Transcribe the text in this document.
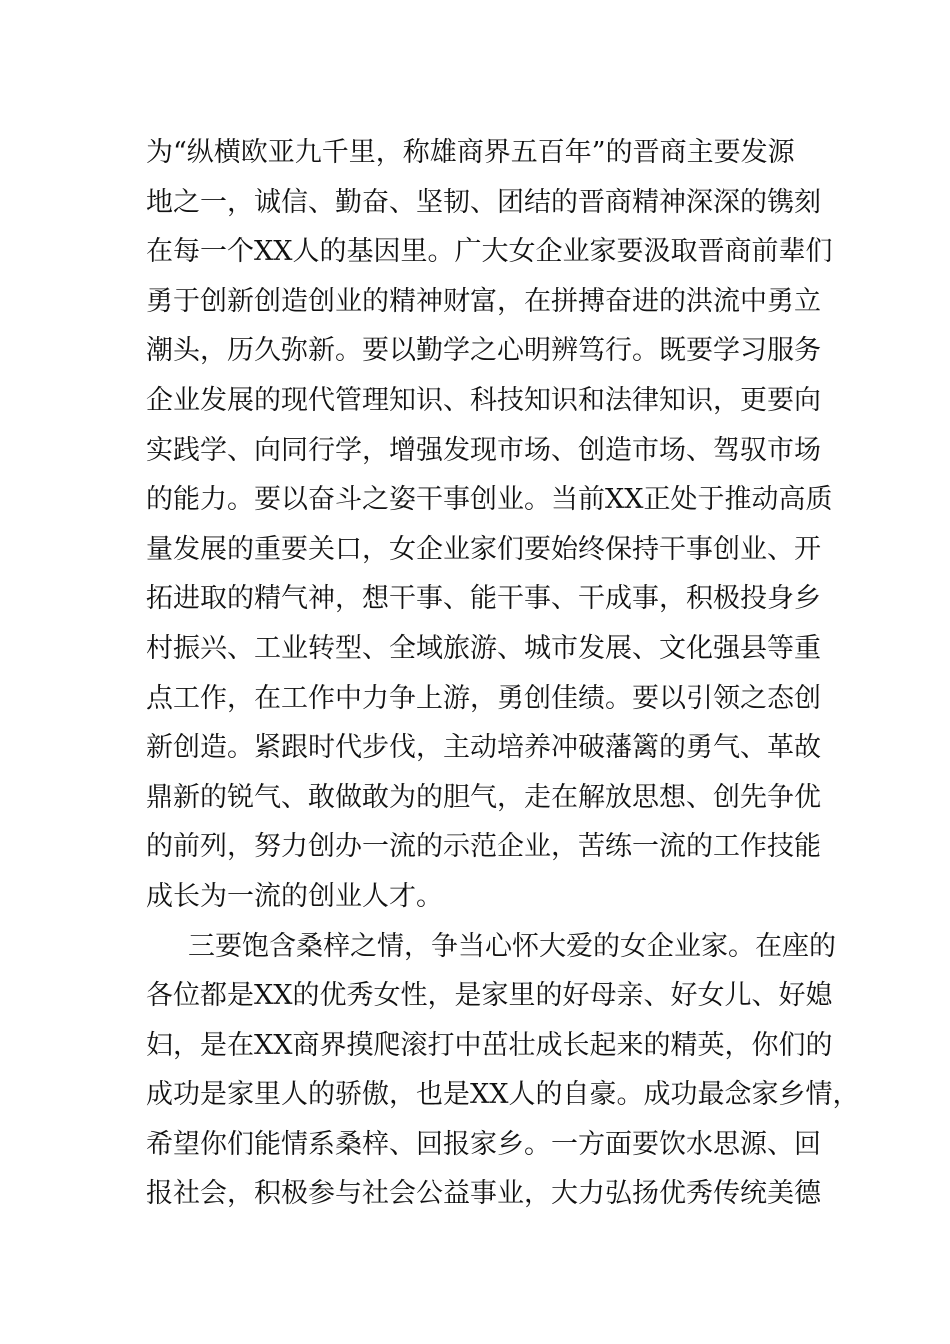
为“纵横欧亚九千里，称雄商界五百年”的晋商主要发源
地之一，诚信、勤奋、坚韧、团结的晋商精神深深的镌刻
在每一个XX人的基因里。广大女企业家要汲取晋商前辈们
勇于创新创造创业的精神财富，在拼搏奋进的洪流中勇立
潮头，历久弥新。要以勤学之心明辨笃行。既要学习服务
企业发展的现代管理知识、科技知识和法律知识，更要向
实践学、向同行学，增强发现市场、创造市场、驾驭市场
的能力。要以奋斗之姿干事创业。当前XX正处于推动高质
量发展的重要关口，女企业家们要始终保持干事创业、开
拓进取的精气神，想干事、能干事、干成事，积极投身乡
村振兴、工业转型、全域旅游、城市发展、文化强县等重
点工作，在工作中力争上游，勇创佳绩。要以引领之态创
新创造。紧跟时代步伐，主动培养冲破藩篱的勇气、革故
鼎新的锐气、敢做敢为的胆气，走在解放思想、创先争优
的前列，努力创办一流的示范企业，苦练一流的工作技能
成长为一流的创业人才。
三要饱含桑梓之情，争当心怀大爱的女企业家。在座的
各位都是XX的优秀女性，是家里的好母亲、好女儿、好媳
妇，是在XX商界摸爬滚打中茁壮成长起来的精英，你们的
成功是家里人的骄傲，也是XX人的自豪。成功最念家乡情，
希望你们能情系桑梓、回报家乡。一方面要饮水思源、回
报社会，积极参与社会公益事业，大力弘扬优秀传统美德
